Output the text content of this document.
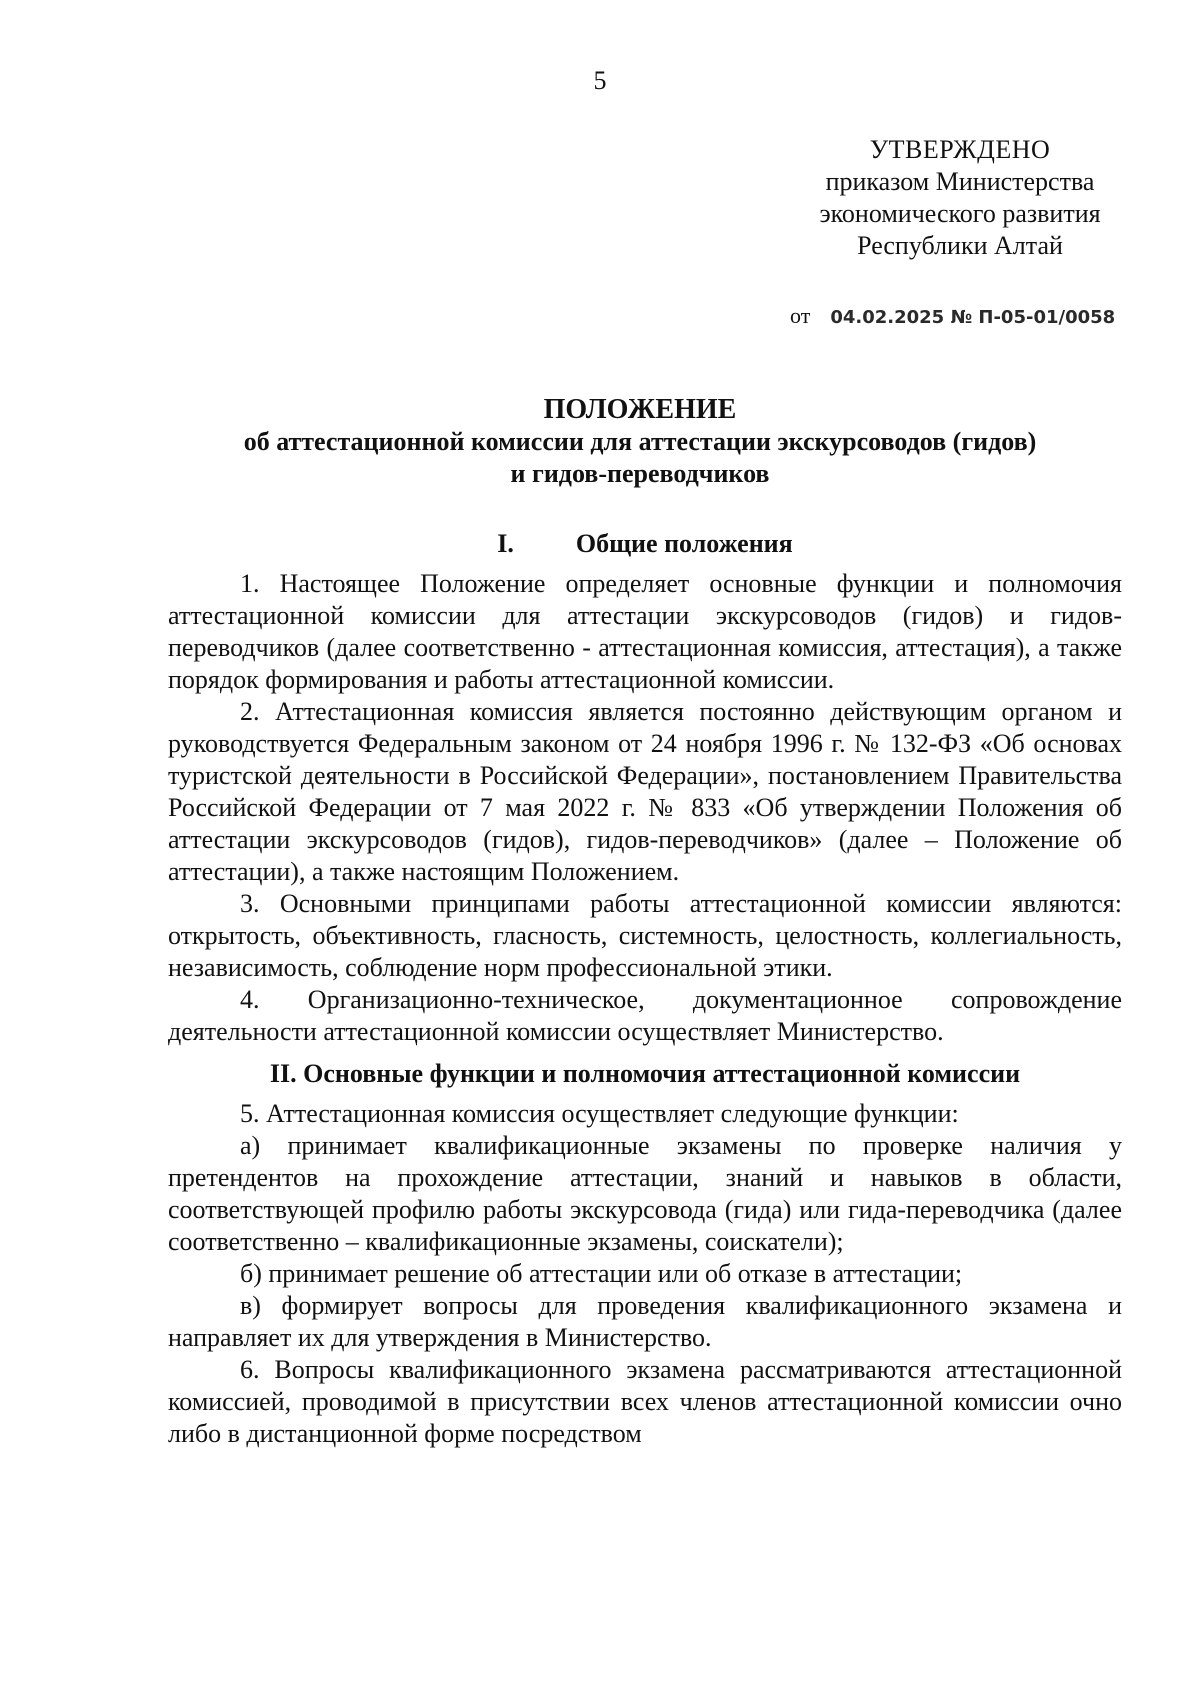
5
УТВЕРЖДЕНО
приказом Министерства
экономического развития
Республики Алтай
от 04.02.2025 № П-05-01/0058
ПОЛОЖЕНИЕ
об аттестационной комиссии для аттестации экскурсоводов (гидов)
и гидов-переводчиков
I. Общие положения

1. Настоящее Положение определяет основные функции и полномочия аттестационной комиссии для аттестации экскурсоводов (гидов) и гидов-переводчиков (далее соответственно - аттестационная комиссия, аттестация), а также порядок формирования и работы аттестационной комиссии.

2. Аттестационная комиссия является постоянно действующим органом и руководствуется Федеральным законом от 24 ноября 1996 г. № 132-ФЗ «Об основах туристской деятельности в Российской Федерации», постановлением Правительства Российской Федерации от 7 мая 2022 г. № 833 «Об утверждении Положения об аттестации экскурсоводов (гидов), гидов-переводчиков» (далее – Положение об аттестации), а также настоящим Положением.

3. Основными принципами работы аттестационной комиссии являются: открытость, объективность, гласность, системность, целостность, коллегиальность, независимость, соблюдение норм профессиональной этики.

4. Организационно-техническое, документационное сопровождение деятельности аттестационной комиссии осуществляет Министерство.

II. Основные функции и полномочия аттестационной комиссии

5. Аттестационная комиссия осуществляет следующие функции:

а) принимает квалификационные экзамены по проверке наличия у претендентов на прохождение аттестации, знаний и навыков в области, соответствующей профилю работы экскурсовода (гида) или гида-переводчика (далее соответственно – квалификационные экзамены, соискатели);

б) принимает решение об аттестации или об отказе в аттестации;

в) формирует вопросы для проведения квалификационного экзамена и направляет их для утверждения в Министерство.

6. Вопросы квалификационного экзамена рассматриваются аттестационной комиссией, проводимой в присутствии всех членов аттестационной комиссии очно либо в дистанционной форме посредством
